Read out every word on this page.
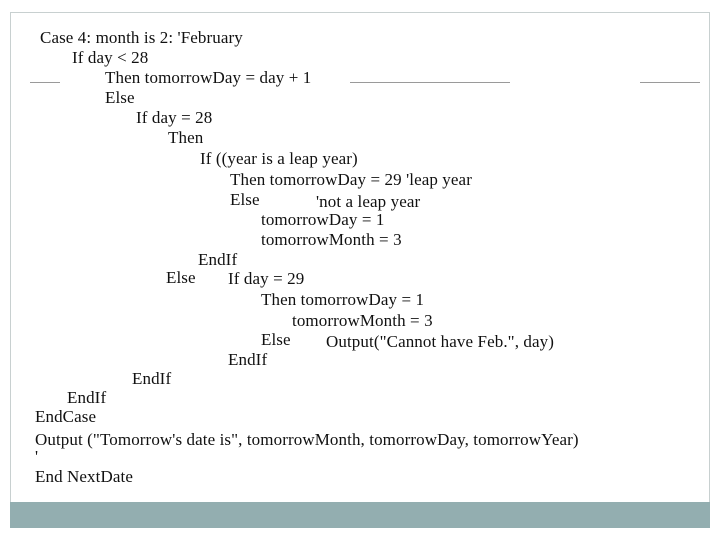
Case 4: month is 2: 'February
If day < 28
Then tomorrowDay = day + 1
Else
If day = 28
Then
If ((year is a leap year)
Then tomorrowDay = 29 'leap year
Else	'not a leap year
tomorrowDay = 1
tomorrowMonth = 3
EndIf
Else If day = 29
Then tomorrowDay = 1
tomorrowMonth = 3
Else Output("Cannot have Feb.", day)
EndIf
EndIf
EndIf
EndCase
Output ("Tomorrow's date is", tomorrowMonth, tomorrowDay, tomorrowYear)
'
End NextDate
